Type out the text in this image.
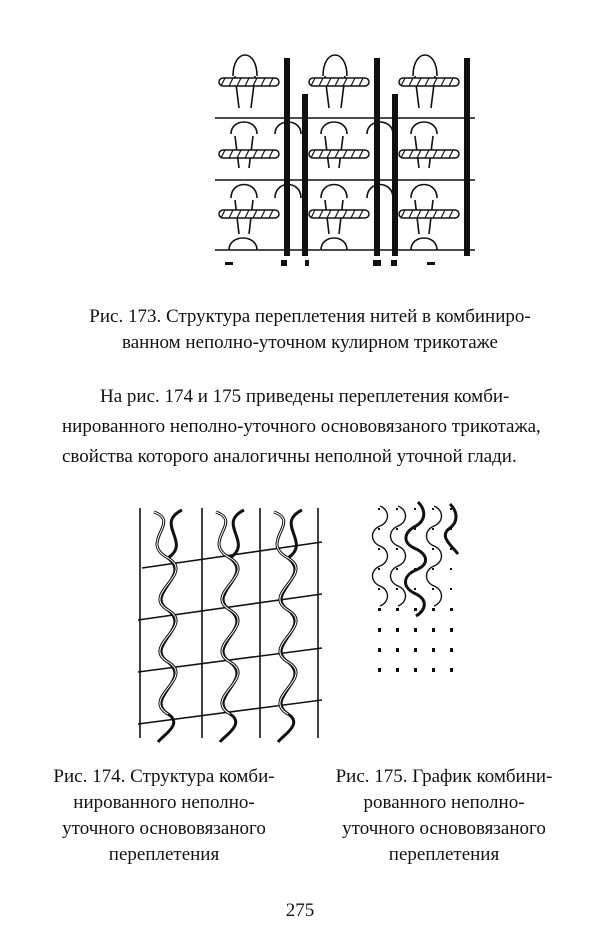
Рис. 173. Структура переплетения нитей в комбиниро-
ванном неполно-уточном кулирном трикотаже
На рис. 174 и 175 приведены переплетения комби-
нированного неполно-уточного основовязаного трикотажа,
свойства которого аналогичны неполной уточной глади.
Рис. 174. Структура комби-
нированного неполно-
уточного основовязаного
переплетения
Рис. 175. График комбини-
рованного неполно-
уточного основовязаного
переплетения
275
